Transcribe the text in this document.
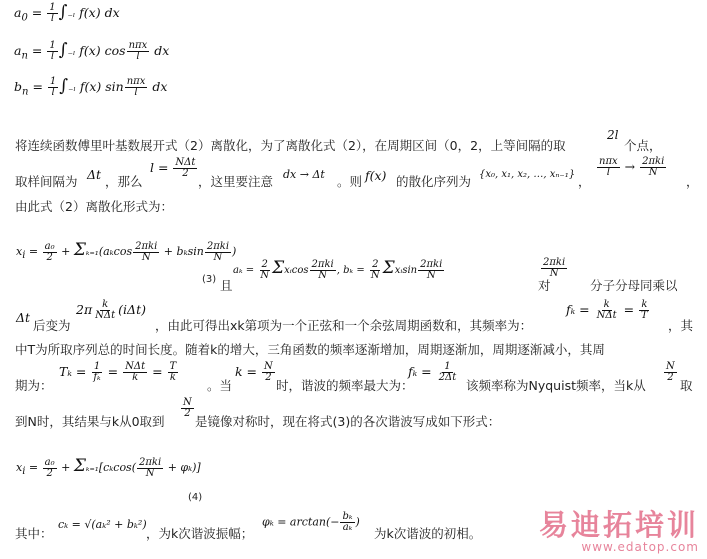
$a_0 = \frac{1}{l} \int_{-l}$ f(x) dx
$a_n = \frac{1}{l} \int_{-l}$ f(x) $\cos \frac{\text{nπx}}{l}$ dx
$b_n = \frac{1}{l} \int_{-l}$ f(x) $\sin \frac{\text{nπx}}{l}$ dx
将连续函数傅里叶基数展开式（2）离散化，为了离散化式（2），在周期区间（0，2，上等间隔的取
2l
个点，
取样间隔为 Δt ，那么
$l = \frac{\text{NΔt}}{2}$
，这里要注意 dx → Δt 。则 f(x) 的散化序列为 {x₀, x₁, x₂, …, xₙ₋₁} ，
$\frac{\text{nπx}}{l} \to \frac{\text{2πki}}{N}$
，
由此式（2）离散化形式为：
$x_i = \frac{\text{a₀}}{2} + \Sigma_{k=1}(a_k\cos \frac{\text{2πki}}{N} + b_k\sin \frac{\text{2πki}}{N}$ )
(3) 且
$a_k = \frac{2}{N}$ Σxᵢcos $\frac{\text{2πki}}{N}$ , $b_k = \frac{2}{N}$ Σxᵢsin $\frac{\text{2πki}}{N}$	$\frac{\text{2πki}}{N}$
对	分子分母同乘以
Δt
后变为
$2\pi \frac{k}{\text{NΔt}} (i\Delta t)$
，由此可得出xk第项为一个正弦和一个余弦周期函数和，其频率为：
$f_k = \frac{k}{\text{NΔt}} = \frac{k}{T}$
，其
中T为所取序列总的时间长度。随着k的增大，三角函数的频率逐渐增加，周期逐渐加，周期逐渐减小，其周
期为：
$T_k = \frac{1}{\text{fₖ}} = \frac{\text{NΔt}}{k} = \frac{T}{k}$
。当
$k = \frac{N}{2}$
时，谐波的频率最大为：
$f_k = \frac{1}{2\Delta t}$
该频率称为Nyquist频率，当k从
$\frac{N}{2}$
取
到N时，其结果与k从0取到
$\frac{N}{2}$
是镜像对称时，现在将式(3)的各次谐波写成如下形式：
$x_i = \frac{\text{a₀}}{2} + \Sigma_{k=1}[c_k\cos( \frac{\text{2πki}}{N} + \varphi_k)]$
(4)
其中：
cₖ = √(aₖ² + bₖ²)
，为k次谐波振幅；
$\varphi_k = \arctan(- \frac{\text{bₖ}}{\text{aₖ}}$ )
为k次谐波的初相。 易迪拓培训
www.edatop.com
